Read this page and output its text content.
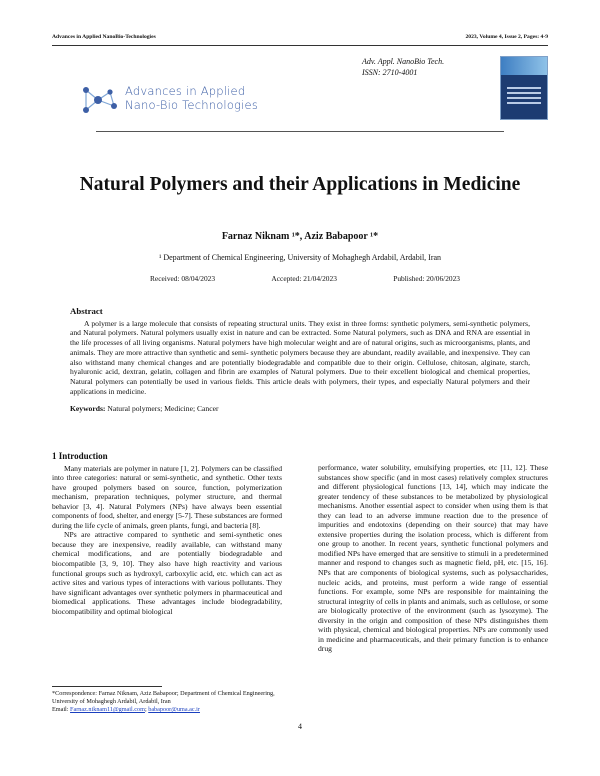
Advances in Applied NanoBio-Technologies	2023, Volume 4, Issue 2, Pages: 4-9
Advances in Applied
Nano-Bio Technologies
Adv. Appl. NanoBio Tech.
ISSN: 2710-4001
Natural Polymers and their Applications in Medicine
Farnaz Niknam ¹*, Aziz Babapoor ¹*
¹ Department of Chemical Engineering, University of Mohaghegh Ardabil, Ardabil, Iran
Received: 08/04/2023	Accepted: 21/04/2023	Published: 20/06/2023
Abstract

A polymer is a large molecule that consists of repeating structural units. They exist in three forms: synthetic polymers, semi-synthetic polymers, and Natural polymers. Natural polymers usually exist in nature and can be extracted. Some Natural polymers, such as DNA and RNA are essential in the life processes of all living organisms. Natural polymers have high molecular weight and are of natural origins, such as microorganisms, plants, and animals. They are more attractive than synthetic and semi- synthetic polymers because they are abundant, readily available, and inexpensive. They can also withstand many chemical changes and are potentially biodegradable and compatible due to their origin. Cellulose, chitosan, alginate, starch, hyaluronic acid, dextran, gelatin, collagen and fibrin are examples of Natural polymers. Due to their excellent biological and chemical properties, Natural polymers can potentially be used in various fields. This article deals with polymers, their types, and especially Natural polymers and their applications in medicine.

Keywords: Natural polymers; Medicine; Cancer
1 Introduction

Many materials are polymer in nature [1, 2]. Polymers can be classified into three categories: natural or semi-synthetic, and synthetic. Other texts have grouped polymers based on source, function, polymerization mechanism, preparation techniques, polymer structure, and thermal behavior [3, 4]. Natural Polymers (NPs) have always been essential components of food, shelter, and energy [5-7]. These substances are formed during the life cycle of animals, green plants, fungi, and bacteria [8].

NPs are attractive compared to synthetic and semi-synthetic ones because they are inexpensive, readily available, can withstand many chemical modifications, and are potentially biodegradable and biocompatible [3, 9, 10]. They also have high reactivity and various functional groups such as hydroxyl, carboxylic acid, etc. which can act as active sites and various types of interactions with various pollutants. They have significant advantages over synthetic polymers in pharmaceutical and biomedical applications. These advantages include biodegradability, biocompatibility and optimal biological

performance, water solubility, emulsifying properties, etc [11, 12]. These substances show specific (and in most cases) relatively complex structures and different physiological functions [13, 14], which may indicate the greater tendency of these substances to be metabolized by physiological mechanisms. Another essential aspect to consider when using them is that they can lead to an adverse immune reaction due to the presence of impurities and endotoxins (depending on their source) that may have extensive properties during the isolation process, which is different from one group to another. In recent years, synthetic functional polymers and modified NPs have emerged that are sensitive to stimuli in a predetermined manner and respond to changes such as magnetic field, pH, etc. [15, 16]. NPs that are components of biological systems, such as polysaccharides, nucleic acids, and proteins, must perform a wide range of essential functions. For example, some NPs are responsible for maintaining the structural integrity of cells in plants and animals, such as cellulose, or some are biologically protective of the environment (such as lysozyme). The diversity in the origin and composition of these NPs distinguishes them with physical, chemical and biological properties. NPs are commonly used in medicine and pharmaceuticals, and their primary function is to enhance drug

*Correspondence: Farnaz Niknam, Aziz Babapoor; Department of Chemical Engineering, University of Mohaghegh Ardabil, Ardabil, Iran
Email: Farnaz.niknam11@gmail.com; babapoor@uma.ac.ir
4
